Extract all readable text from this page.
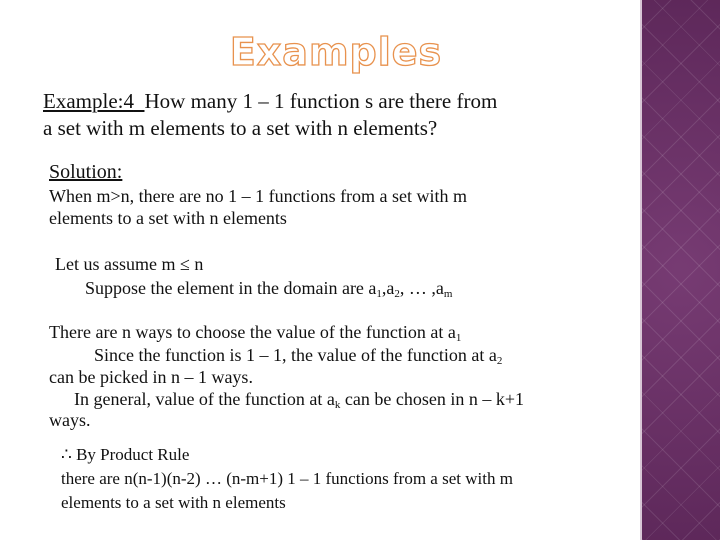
Examples
Example:4 How many 1 – 1 function s are there from
a set with m elements to a set with n elements?
Solution:
When m>n, there are no 1 – 1 functions from a set with m
elements to a set with n elements
Let us assume m ≤ n
Suppose the element in the domain are $a_1,a_2$, … $,a_m$
There are n ways to choose the value of the function at $a_1$
Since the function is 1 – 1, the value of the function at $a_2$
can be picked in n – 1 ways.
In general, value of the function at $a_k$ can be chosen in n – k+1
ways.
∴ By Product Rule
there are n(n-1)(n-2) … (n-m+1) 1 – 1 functions from a set with m
elements to a set with n elements
